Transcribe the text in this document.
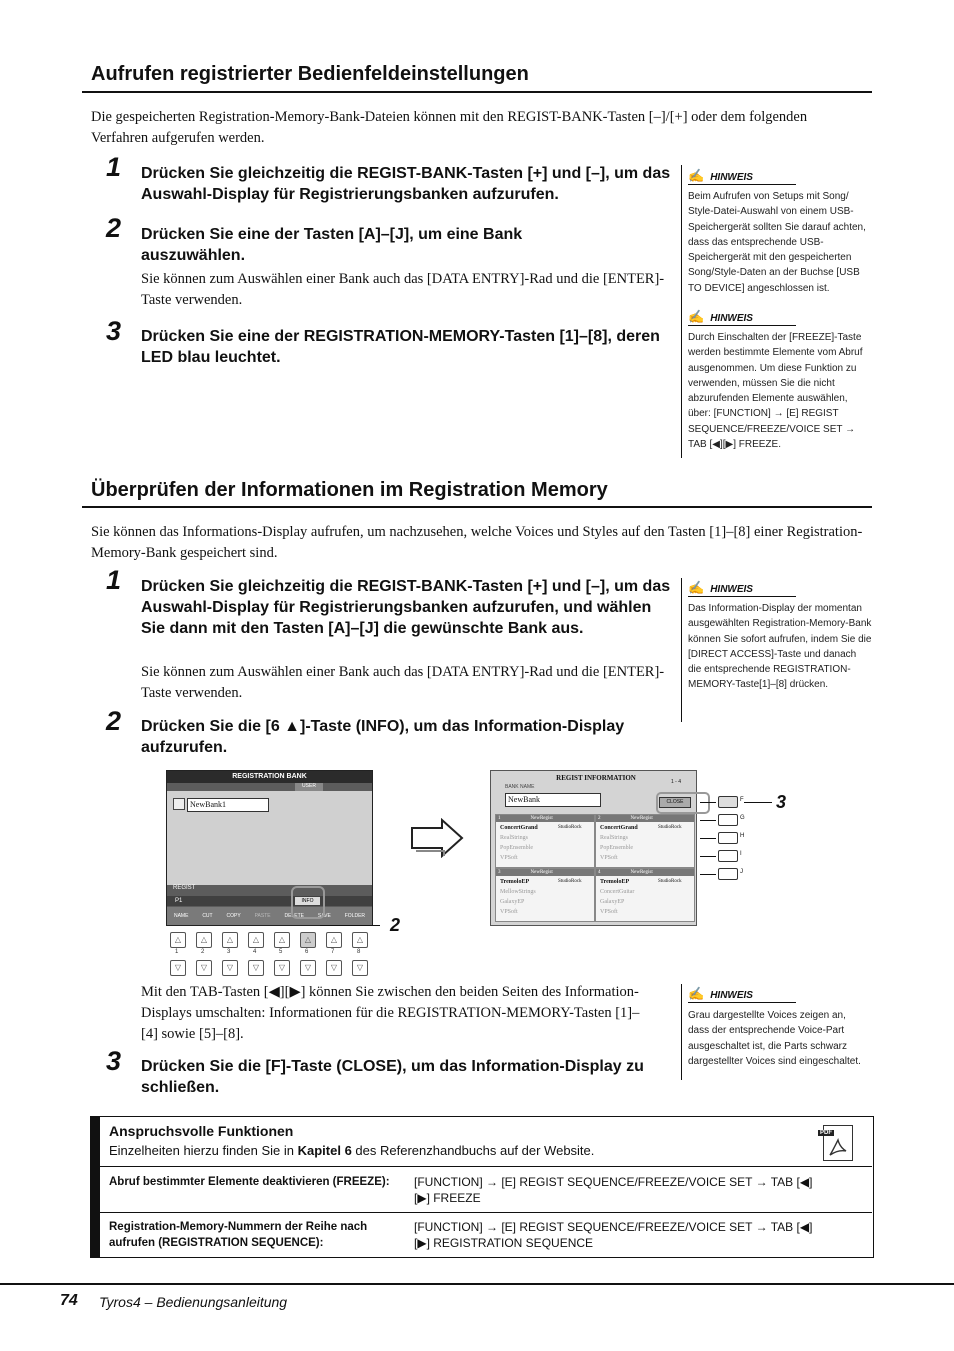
Aufrufen registrierter Bedienfeldeinstellungen
Die gespeicherten Registration-Memory-Bank-Dateien können mit den REGIST-BANK-Tasten [–]/[+] oder dem folgenden Verfahren aufgerufen werden.
1 Drücken Sie gleichzeitig die REGIST-BANK-Tasten [+] und [–], um das Auswahl-Display für Registrierungsbanken aufzurufen.
2 Drücken Sie eine der Tasten [A]–[J], um eine Bank auszuwählen.
Sie können zum Auswählen einer Bank auch das [DATA ENTRY]-Rad und die [ENTER]-Taste verwenden.
3 Drücken Sie eine der REGISTRATION-MEMORY-Tasten [1]–[8], deren LED blau leuchtet.
✍ HINWEIS
Beim Aufrufen von Setups mit Song/ Style-Datei-Auswahl von einem USB-Speichergerät sollten Sie darauf achten, dass das entsprechende USB-Speichergerät mit den gespeicherten Song/Style-Daten an der Buchse [USB TO DEVICE] angeschlossen ist.
✍ HINWEIS
Durch Einschalten der [FREEZE]-Taste werden bestimmte Elemente vom Abruf ausgenommen. Um diese Funktion zu verwenden, müssen Sie die nicht abzurufenden Elemente auswählen, über: [FUNCTION] → [E] REGIST SEQUENCE/FREEZE/VOICE SET → TAB [◀][▶] FREEZE.
Überprüfen der Informationen im Registration Memory
Sie können das Informations-Display aufrufen, um nachzusehen, welche Voices und Styles auf den Tasten [1]–[8] einer Registration-Memory-Bank gespeichert sind.
1 Drücken Sie gleichzeitig die REGIST-BANK-Tasten [+] und [–], um das Auswahl-Display für Registrierungsbanken aufzurufen, und wählen Sie dann mit den Tasten [A]–[J] die gewünschte Bank aus.
Sie können zum Auswählen einer Bank auch das [DATA ENTRY]-Rad und die [ENTER]-Taste verwenden.
2 Drücken Sie die [6 ▲]-Taste (INFO), um das Information-Display aufzurufen.
✍ HINWEIS
Das Information-Display der momentan ausgewählten Registration-Memory-Bank können Sie sofort aufrufen, indem Sie die [DIRECT ACCESS]-Taste und danach die entsprechende REGISTRATION-MEMORY-Taste[1]–[8] drücken.
REGISTRATION BANK
USER
NewBank1
REGIST
P1
NAME	CUT	COPY	PASTE	DELETE	SAVE	FOLDER
INFO
2
△
1
▽
△
2
▽
△
3
▽
△
4
▽
△
5
▽
△
6
▽
△
7
▽
△
8
▽
REGIST INFORMATION	1 - 4
BANK NAME
NewBank	CLOSE
1	NewRegist
ConcertGrand	StudioRock
RealStrings
PopEnsemble
VPSoft
2	NewRegist
ConcertGrand	StudioRock
RealStrings
PopEnsemble
VPSoft
3	NewRegist
TremoloEP	StudioRock
MellowStrings
GalaxyEP
VPSoft
4	NewRegist
TremoloEP	StudioRock
ConcertGuitar
GalaxyEP
VPSoft
F
G
H
I
J
3
Mit den TAB-Tasten [◀][▶] können Sie zwischen den beiden Seiten des Information-Displays umschalten: Informationen für die REGISTRATION-MEMORY-Tasten [1]–[4] sowie [5]–[8].
✍ HINWEIS
Grau dargestellte Voices zeigen an, dass der entsprechende Voice-Part ausgeschaltet ist, die Parts schwarz dargestellter Voices sind eingeschaltet.
3 Drücken Sie die [F]-Taste (CLOSE), um das Information-Display zu schließen.
Anspruchsvolle Funktionen
Einzelheiten hierzu finden Sie in Kapitel 6 des Referenzhandbuchs auf der Website.
PDF
Abruf bestimmter Elemente deaktivieren (FREEZE):	[FUNCTION] → [E] REGIST SEQUENCE/FREEZE/VOICE SET → TAB [◀][▶] FREEZE
Registration-Memory-Nummern der Reihe nach aufrufen (REGISTRATION SEQUENCE):
[FUNCTION] → [E] REGIST SEQUENCE/FREEZE/VOICE SET → TAB [◀][▶] REGISTRATION SEQUENCE
74 Tyros4 – Bedienungsanleitung
